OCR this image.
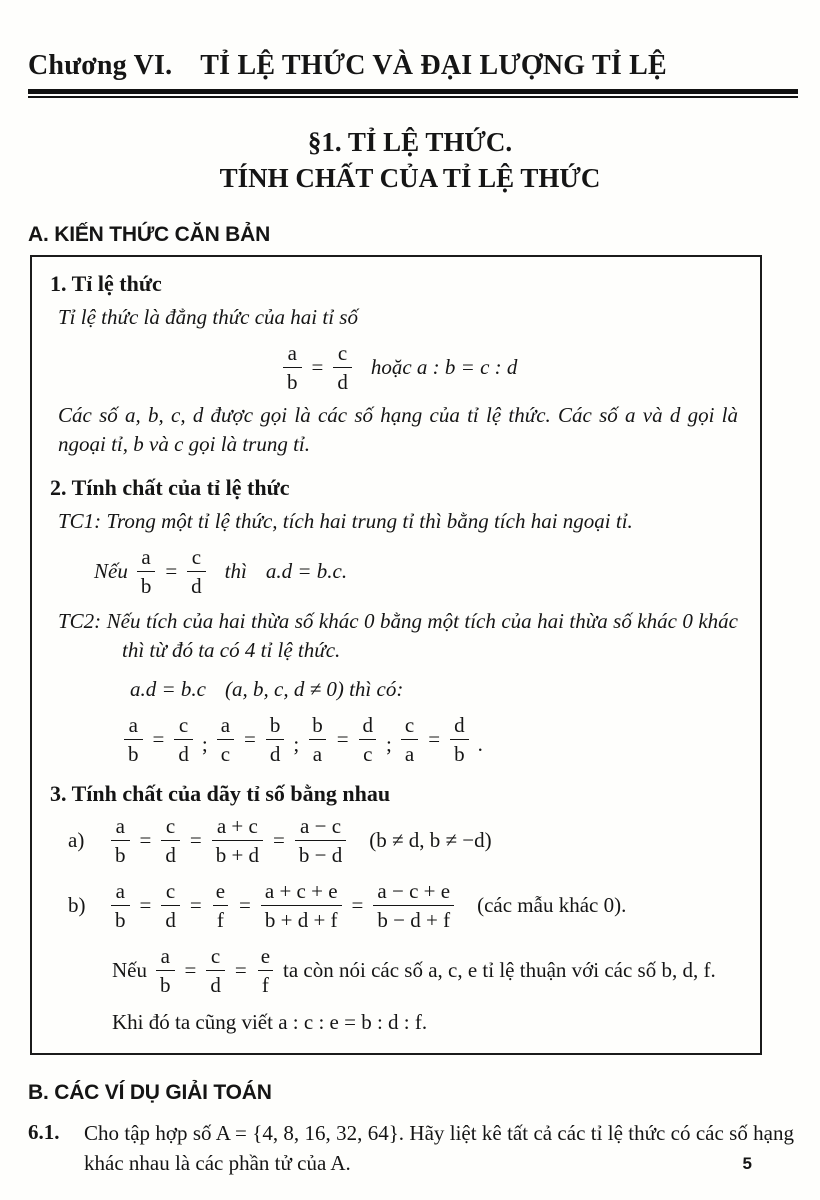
Chương VI. TỈ LỆ THỨC VÀ ĐẠI LƯỢNG TỈ LỆ
§1. TỈ LỆ THỨC.
TÍNH CHẤT CỦA TỈ LỆ THỨC
A. KIẾN THỨC CĂN BẢN
1. Tỉ lệ thức
Tỉ lệ thức là đẳng thức của hai tỉ số
$\frac{a}{b} = \frac{c}{d}$ hoặc a : b = c : d
Các số a, b, c, d được gọi là các số hạng của tỉ lệ thức. Các số a và d gọi là ngoại tỉ, b và c gọi là trung tỉ.
2. Tính chất của tỉ lệ thức

TC1: Trong một tỉ lệ thức, tích hai trung tỉ thì bằng tích hai ngoại tỉ.

Nếu $\frac{a}{b} = \frac{c}{d}$ thì a.d = b.c.

TC2: Nếu tích của hai thừa số khác 0 bằng một tích của hai thừa số khác 0 khác thì từ đó ta có 4 tỉ lệ thức.

a.d = b.c (a, b, c, d ≠ 0) thì có:
$\frac{a}{b} = \frac{c}{d}$ ; $\frac{a}{c} = \frac{b}{d}$ ; $\frac{b}{a} = \frac{d}{c}$ ; $\frac{c}{a} = \frac{d}{b}$ .
3. Tính chất của dãy tỉ số bằng nhau
a)	$\frac{a}{b} = \frac{c}{d} = \frac{a + c}{b + d} = \frac{a - c}{b - d} (b \ne d$, b ≠ −d)
b)	$\frac{a}{b} = \frac{c}{d} = \frac{e}{f} = \frac{a + c + e}{b + d + f} = \frac{a - c + e}{b - d + f}$ (các mẫu khác 0).
Nếu $\frac{a}{b} = \frac{c}{d} = \frac{e}{f}$ ta còn nói các số a, c, e tỉ lệ thuận với các số b, d, f.
Khi đó ta cũng viết a : c : e = b : d : f.
B. CÁC VÍ DỤ GIẢI TOÁN
6.1.	Cho tập hợp số A = {4, 8, 16, 32, 64}. Hãy liệt kê tất cả các tỉ lệ thức có các số hạng khác nhau là các phần tử của A.	5
